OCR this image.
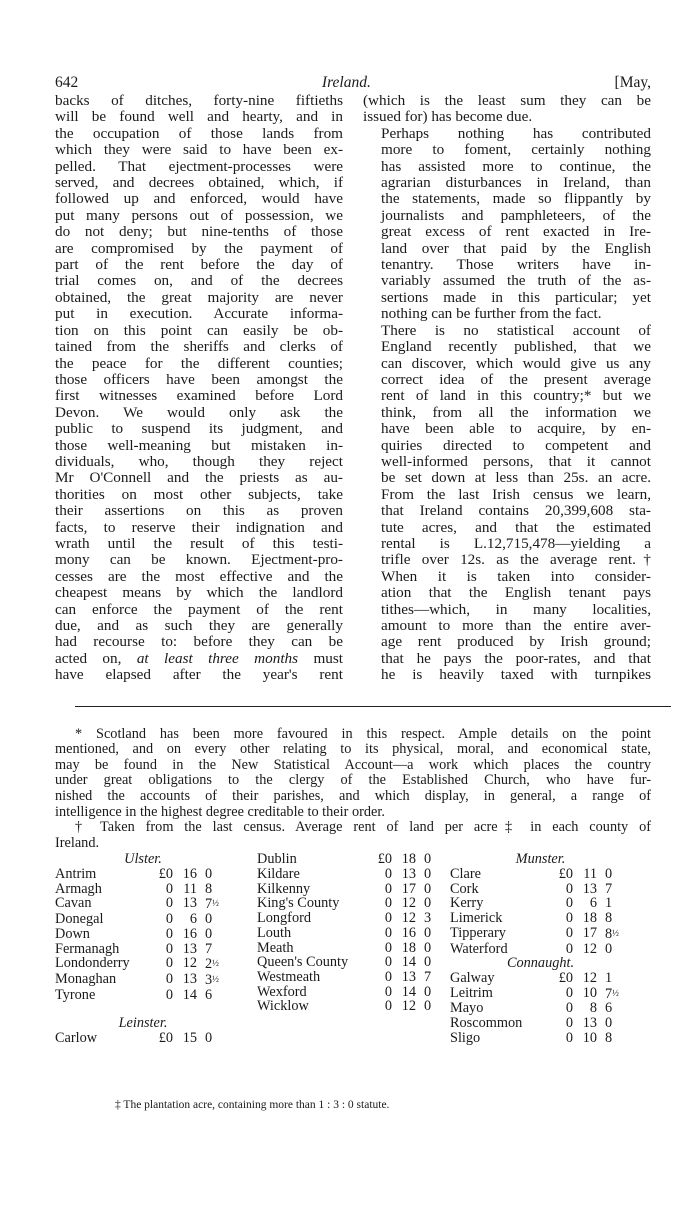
642	Ireland.	[May,

backs of ditches, forty-nine fiftieths
will be found well and hearty, and in
the occupation of those lands from
which they were said to have been ex-
pelled. That ejectment-processes were
served, and decrees obtained, which, if
followed up and enforced, would have
put many persons out of possession, we
do not deny; but nine-tenths of those
are compromised by the payment of
part of the rent before the day of
trial comes on, and of the decrees
obtained, the great majority are never
put in execution. Accurate informa-
tion on this point can easily be ob-
tained from the sheriffs and clerks of
the peace for the different counties;
those officers have been amongst the
first witnesses examined before Lord
Devon. We would only ask the
public to suspend its judgment, and
those well-meaning but mistaken in-
dividuals, who, though they reject
Mr O'Connell and the priests as au-
thorities on most other subjects, take
their assertions on this as proven
facts, to reserve their indignation and
wrath until the result of this testi-
mony can be known. Ejectment-pro-
cesses are the most effective and the
cheapest means by which the landlord
can enforce the payment of the rent
due, and as such they are generally
had recourse to: before they can be

acted on, at least three months must
have elapsed after the year's rent

(which is the least sum they can be
issued for) has become due.

Perhaps nothing has contributed
more to foment, certainly nothing
has assisted more to continue, the
agrarian disturbances in Ireland, than
the statements, made so flippantly by
journalists and pamphleteers, of the
great excess of rent exacted in Ire-
land over that paid by the English
tenantry. Those writers have in-
variably assumed the truth of the as-
sertions made in this particular; yet
nothing can be further from the fact.

There is no statistical account of
England recently published, that we
can discover, which would give us any
correct idea of the present average
rent of land in this country;* but we
think, from all the information we
have been able to acquire, by en-
quiries directed to competent and
well-informed persons, that it cannot
be set down at less than 25s. an acre.
From the last Irish census we learn,
that Ireland contains 20,399,608 sta-
tute acres, and that the estimated
rental is L.12,715,478—yielding a
trifle over 12s. as the average rent.†
When it is taken into consider-
ation that the English tenant pays
tithes—which, in many localities,
amount to more than the entire aver-
age rent produced by Irish ground;
that he pays the poor-rates, and that
he is heavily taxed with turnpikes

* Scotland has been more favoured in this respect. Ample details on the point
mentioned, and on every other relating to its physical, moral, and economical state,
may be found in the New Statistical Account—a work which places the country
under great obligations to the clergy of the Established Church, who have fur-
nished the accounts of their parishes, and which display, in general, a range of
intelligence in the highest degree creditable to their order.
† Taken from the last census. Average rent of land per acre‡ in each county of
Ireland.
Ulster.			
Antrim	£0	16	0
Armagh	0	11	8
Cavan	0	13	7½
Donegal	0	6	0
Down	0	16	0
Fermanagh	0	13	7
Londonderry	0	12	2½
Monaghan	0	13	3½
Tyrone	0	14	6
Leinster.
Carlow	£0	15	0
Dublin	£0	18	0
Kildare	0	13	0
Kilkenny	0	17	0
King's County	0	12	0
Longford	0	12	3
Louth	0	16	0
Meath	0	18	0
Queen's County	0	14	0
Westmeath	0	13	7
Wexford	0	14	0
Wicklow	0	12	0
Munster.			
Clare	£0	11	0
Cork	0	13	7
Kerry	0	6	1
Limerick	0	18	8
Tipperary	0	17	8½
Waterford	0	12	0
Connaught.			
Galway	£0	12	1
Leitrim	0	10	7½
Mayo	0	8	6
Roscommon	0	13	0
Sligo	0	10	8
‡ The plantation acre, containing more than 1 : 3 : 0 statute.
